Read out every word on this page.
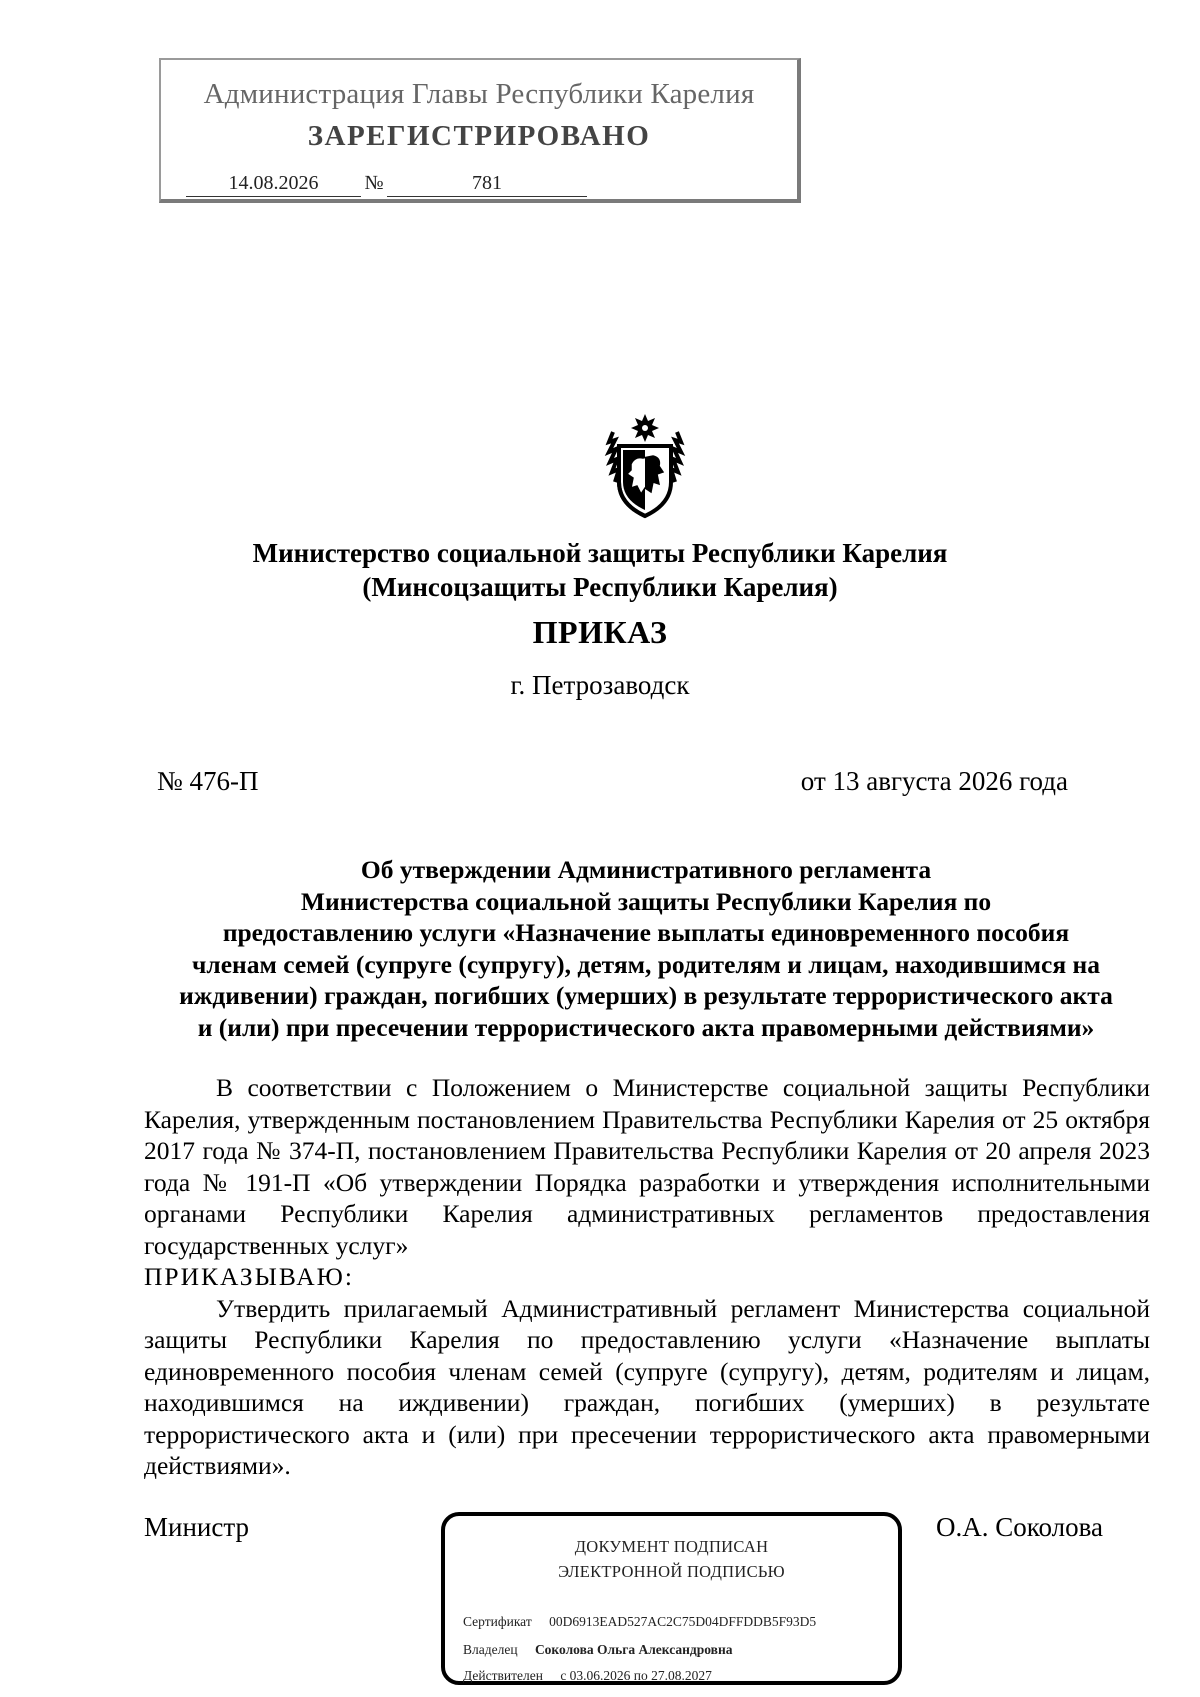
Администрация Главы Республики Карелия
ЗАРЕГИСТРИРОВАНО
14.08.2026	№	781
Министерство социальной защиты Республики Карелия
(Минсоцзащиты Республики Карелия)
ПРИКАЗ
г. Петрозаводск
№ 476-П	от 13 августа 2026 года
Об утверждении Административного регламента
Министерства социальной защиты Республики Карелия по
предоставлению услуги «Назначение выплаты единовременного пособия
членам семей (супруге (супругу), детям, родителям и лицам, находившимся на
иждивении) граждан, погибших (умерших) в результате террористического акта
и (или) при пресечении террористического акта правомерными действиями»

В соответствии с Положением о Министерстве социальной защиты Республики Карелия, утвержденным постановлением Правительства Республики Карелия от 25 октября 2017 года № 374-П, постановлением Правительства Республики Карелия от 20 апреля 2023 года № 191-П «Об утверждении Порядка разработки и утверждения исполнительными органами Республики Карелия административных регламентов предоставления государственных услуг»

ПРИКАЗЫВАЮ:

Утвердить прилагаемый Административный регламент Министерства социальной защиты Республики Карелия по предоставлению услуги «Назначение выплаты единовременного пособия членам семей (супруге (супругу), детям, родителям и лицам, находившимся на иждивении) граждан, погибших (умерших) в результате террористического акта и (или) при пресечении террористического акта правомерными действиями».

Министр	О.А. Соколова
ДОКУМЕНТ ПОДПИСАН
ЭЛЕКТРОННОЙ ПОДПИСЬЮ
Сертификат 00D6913EAD527AC2C75D04DFFDDB5F93D5
Владелец Соколова Ольга Александровна
Действителен с 03.06.2026 по 27.08.2027
